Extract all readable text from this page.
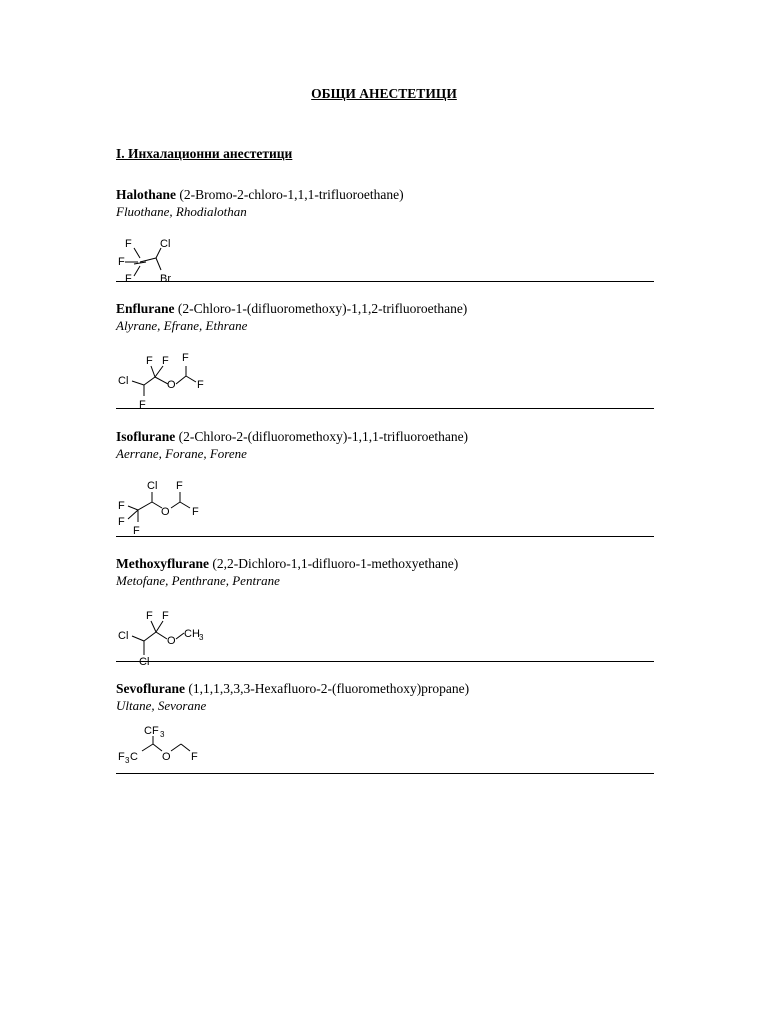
ОБЩИ АНЕСТЕТИЦИ
I. Инхалационни анестетици
Halothane (2-Bromo-2-chloro-1,1,1-trifluoroethane)
Fluothane, Rhodialothan
F	Cl
F
F	Br
Enflurane (2-Chloro-1-(difluoromethoxy)-1,1,2-trifluoroethane)
Alyrane, Efrane, Ethrane
F F F
Cl	O F
F
Isoflurane (2-Chloro-2-(difluoromethoxy)-1,1,1-trifluoroethane)
Aerrane, Forane, Forene
Cl F
F
F
O F
F
Methoxyflurane (2,2-Dichloro-1,1-difluoro-1-methoxyethane)
Metofane, Penthrane, Pentrane
F F
Cl	O
CH 3
Cl
Sevoflurane (1,1,1,3,3,3-Hexafluoro-2-(fluoromethoxy)propane)
Ultane, Sevorane
CF 3
F 3 C O F
